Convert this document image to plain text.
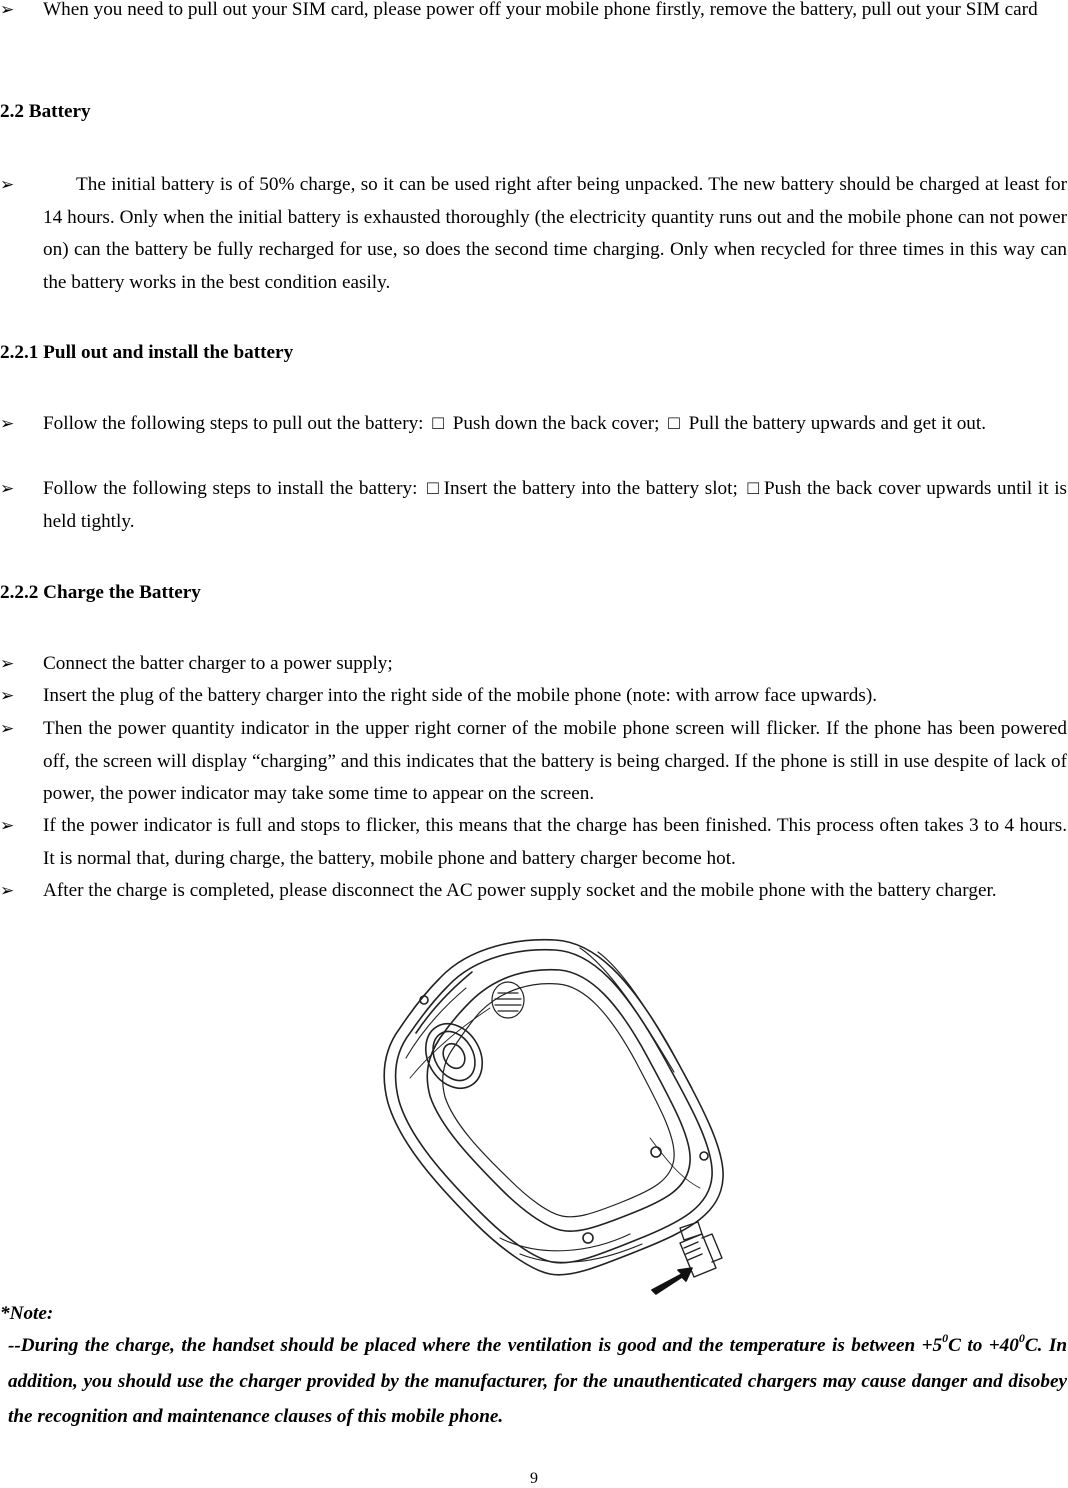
➢ When you need to pull out your SIM card, please power off your mobile phone firstly, remove the battery, pull out your SIM card
2.2 Battery
➢	The initial battery is of 50% charge, so it can be used right after being unpacked. The new battery should be charged at least for 14 hours. Only when the initial battery is exhausted thoroughly (the electricity quantity runs out and the mobile phone can not power on) can the battery be fully recharged for use, so does the second time charging. Only when recycled for three times in this way can the battery works in the best condition easily.
2.2.1 Pull out and install the battery
➢ Follow the following steps to pull out the battery: □ Push down the back cover; □ Pull the battery upwards and get it out.
➢ Follow the following steps to install the battery: □ Insert the battery into the battery slot; □ Push the back cover upwards until it is held tightly.
2.2.2 Charge the Battery
➢ Connect the batter charger to a power supply;
➢ Insert the plug of the battery charger into the right side of the mobile phone (note: with arrow face upwards).
➢ Then the power quantity indicator in the upper right corner of the mobile phone screen will flicker. If the phone has been powered off, the screen will display “charging” and this indicates that the battery is being charged. If the phone is still in use despite of lack of power, the power indicator may take some time to appear on the screen.
➢ If the power indicator is full and stops to flicker, this means that the charge has been finished. This process often takes 3 to 4 hours. It is normal that, during charge, the battery, mobile phone and battery charger become hot.
➢ After the charge is completed, please disconnect the AC power supply socket and the mobile phone with the battery charger.
*Note:
--During the charge, the handset should be placed where the ventilation is good and the temperature is between $+5^0C$ to $+40^0C$. In addition, you should use the charger provided by the manufacturer, for the unauthenticated chargers may cause danger and disobey the recognition and maintenance clauses of this mobile phone.
9
